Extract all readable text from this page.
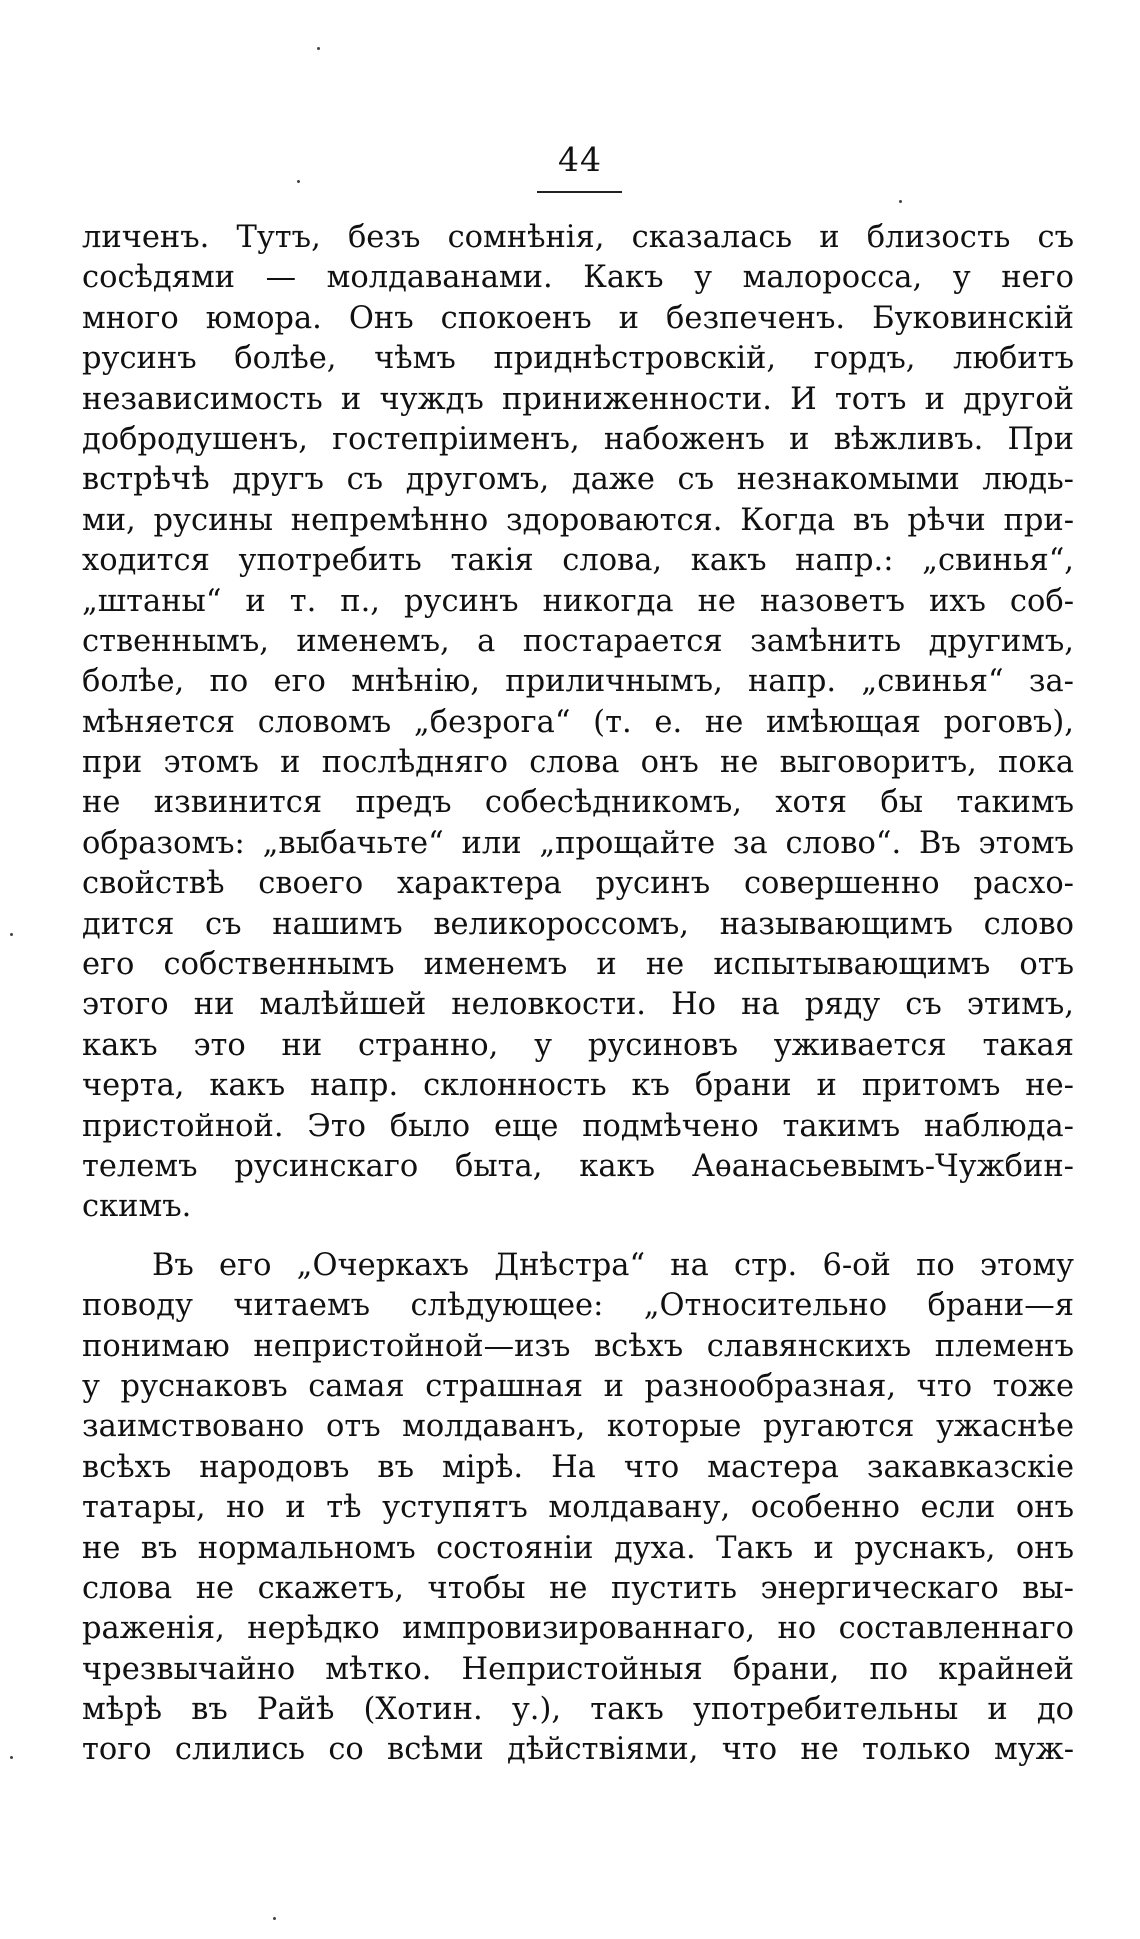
44
личенъ. Тутъ, безъ сомнѣнія, сказалась и близость съ
сосѣдями — молдаванами. Какъ у малоросса, у него
много юмора. Онъ спокоенъ и безпеченъ. Буковинскій
русинъ болѣе, чѣмъ приднѣстровскій, гордъ, любитъ
независимость и чуждъ приниженности. И тотъ и другой
добродушенъ, гостепріименъ, набоженъ и вѣжливъ. При
встрѣчѣ другъ съ другомъ, даже съ незнакомыми людь-
ми, русины непремѣнно здороваются. Когда въ рѣчи при-
ходится употребить такія слова, какъ напр.: „свинья“,
„штаны“ и т. п., русинъ никогда не назоветъ ихъ соб-
ственнымъ, именемъ, а постарается замѣнить другимъ,
болѣе, по его мнѣнію, приличнымъ, напр. „свинья“ за-
мѣняется словомъ „безрога“ (т. е. не имѣющая роговъ),
при этомъ и послѣдняго слова онъ не выговоритъ, пока
не извинится предъ собесѣдникомъ, хотя бы такимъ
образомъ: „выбачьте“ или „прощайте за слово“. Въ этомъ
свойствѣ своего характера русинъ совершенно расхо-
дится съ нашимъ великороссомъ, называющимъ слово
его собственнымъ именемъ и не испытывающимъ отъ
этого ни малѣйшей неловкости. Но на ряду съ этимъ,
какъ это ни странно, у русиновъ уживается такая
черта, какъ напр. склонность къ брани и притомъ не-
пристойной. Это было еще подмѣчено такимъ наблюда-
телемъ русинскаго быта, какъ Аѳанасьевымъ-Чужбин-
скимъ.
Въ его „Очеркахъ Днѣстра“ на стр. 6-ой по этому
поводу читаемъ слѣдующее: „Относительно брани—я
понимаю непристойной—изъ всѣхъ славянскихъ племенъ
у руснаковъ самая страшная и разнообразная, что тоже
заимствовано отъ молдаванъ, которые ругаются ужаснѣе
всѣхъ народовъ въ мірѣ. На что мастера закавказскіе
татары, но и тѣ уступятъ молдавану, особенно если онъ
не въ нормальномъ состояніи духа. Такъ и руснакъ, онъ
слова не скажетъ, чтобы не пустить энергическаго вы-
раженія, нерѣдко импровизированнаго, но составленнаго
чрезвычайно мѣтко. Непристойныя брани, по крайней
мѣрѣ въ Райѣ (Хотин. у.), такъ употребительны и до
того слились со всѣми дѣйствіями, что не только муж-
